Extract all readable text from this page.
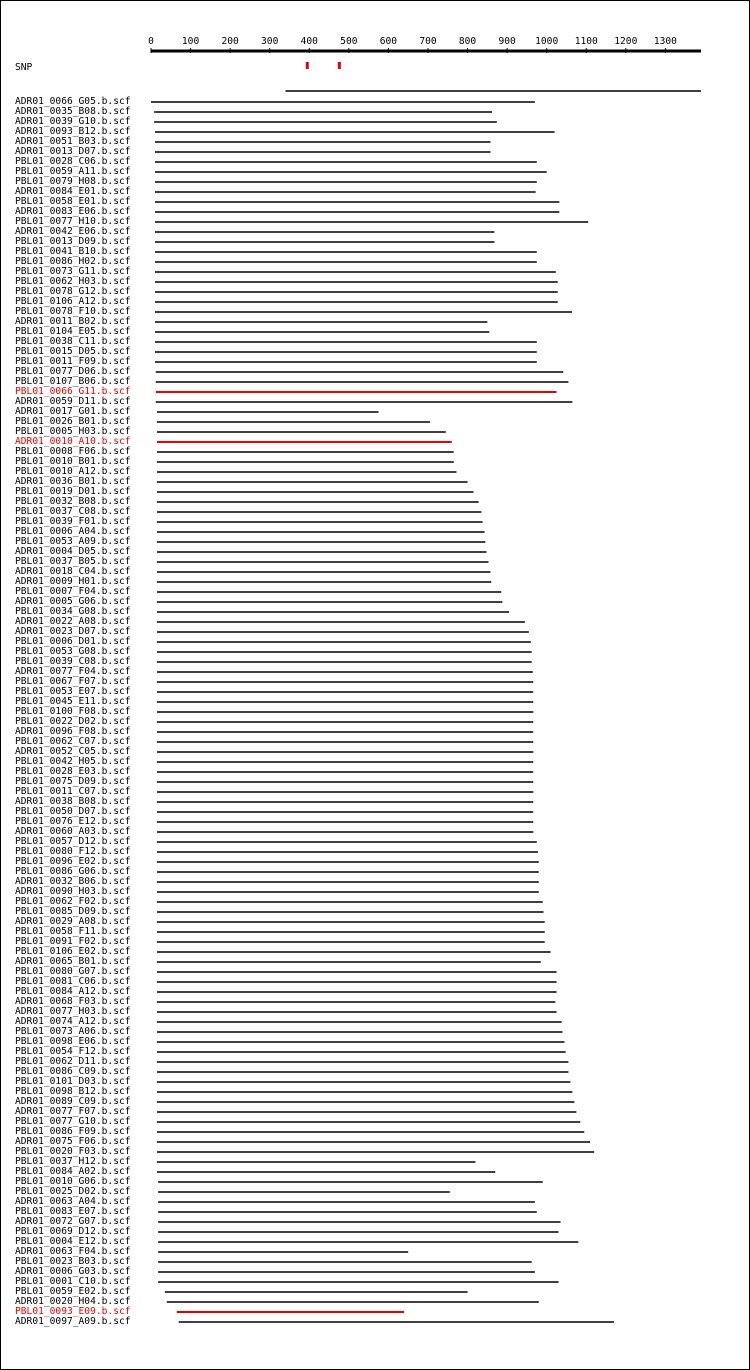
0	100 200 300 400 500 600 700 800 900 1000 1100 1200 1300
SNP
ADR01_0066_G05.b.scf
ADR01_0035_B08.b.scf
ADR01_0039_G10.b.scf
ADR01_0093_B12.b.scf
ADR01_0051_B03.b.scf
ADR01_0013_D07.b.scf
PBL01_0028_C06.b.scf
PBL01_0059_A11.b.scf
PBL01_0079_H08.b.scf
ADR01_0084_E01.b.scf
PBL01_0058_E01.b.scf
ADR01_0083_E06.b.scf
PBL01_0077_H10.b.scf
ADR01_0042_E06.b.scf
PBL01_0013_D09.b.scf
PBL01_0041_B10.b.scf
PBL01_0086_H02.b.scf
PBL01_0073_G11.b.scf
PBL01_0062_H03.b.scf
PBL01_0078_G12.b.scf
PBL01_0106_A12.b.scf
PBL01_0078_F10.b.scf
ADR01_0011_B02.b.scf
PBL01_0104_E05.b.scf
PBL01_0038_C11.b.scf
PBL01_0015_D05.b.scf
PBL01_0011_F09.b.scf
PBL01_0077_D06.b.scf
PBL01_0107_B06.b.scf
PBL01_0066_G11.b.scf
ADR01_0059_D11.b.scf
ADR01_0017_G01.b.scf
PBL01_0026_B01.b.scf
PBL01_0005_H03.b.scf
ADR01_0010_A10.b.scf
PBL01_0008_F06.b.scf
PBL01_0010_B01.b.scf
PBL01_0010_A12.b.scf
ADR01_0036_B01.b.scf
PBL01_0019_D01.b.scf
PBL01_0032_B08.b.scf
PBL01_0037_C08.b.scf
PBL01_0039_F01.b.scf
PBL01_0006_A04.b.scf
PBL01_0053_A09.b.scf
ADR01_0004_D05.b.scf
PBL01_0037_B05.b.scf
ADR01_0018_C04.b.scf
ADR01_0009_H01.b.scf
PBL01_0007_F04.b.scf
ADR01_0005_G06.b.scf
PBL01_0034_G08.b.scf
ADR01_0022_A08.b.scf
ADR01_0023_D07.b.scf
PBL01_0006_D01.b.scf
PBL01_0053_G08.b.scf
PBL01_0039_C08.b.scf
ADR01_0077_F04.b.scf
PBL01_0067_F07.b.scf
PBL01_0053_E07.b.scf
PBL01_0045_E11.b.scf
PBL01_0100_F08.b.scf
PBL01_0022_D02.b.scf
ADR01_0096_F08.b.scf
PBL01_0062_C07.b.scf
ADR01_0052_C05.b.scf
PBL01_0042_H05.b.scf
PBL01_0028_E03.b.scf
PBL01_0075_D09.b.scf
PBL01_0011_C07.b.scf
ADR01_0038_B08.b.scf
PBL01_0050_D07.b.scf
PBL01_0076_E12.b.scf
ADR01_0060_A03.b.scf
PBL01_0057_D12.b.scf
PBL01_0080_F12.b.scf
PBL01_0096_E02.b.scf
PBL01_0086_G06.b.scf
ADR01_0032_B06.b.scf
ADR01_0090_H03.b.scf
PBL01_0062_F02.b.scf
PBL01_0085_D09.b.scf
ADR01_0029_A08.b.scf
PBL01_0058_F11.b.scf
PBL01_0091_F02.b.scf
PBL01_0106_E02.b.scf
ADR01_0065_B01.b.scf
PBL01_0080_G07.b.scf
PBL01_0081_C06.b.scf
PBL01_0084_A12.b.scf
ADR01_0068_F03.b.scf
ADR01_0077_H03.b.scf
ADR01_0074_A12.b.scf
PBL01_0073_A06.b.scf
PBL01_0098_E06.b.scf
PBL01_0054_F12.b.scf
PBL01_0062_D11.b.scf
PBL01_0086_C09.b.scf
PBL01_0101_D03.b.scf
PBL01_0098_B12.b.scf
ADR01_0089_C09.b.scf
ADR01_0077_F07.b.scf
PBL01_0077_G10.b.scf
PBL01_0086_F09.b.scf
ADR01_0075_F06.b.scf
PBL01_0020_F03.b.scf
PBL01_0037_H12.b.scf
PBL01_0084_A02.b.scf
PBL01_0010_G06.b.scf
PBL01_0025_D02.b.scf
ADR01_0063_A04.b.scf
PBL01_0083_E07.b.scf
ADR01_0072_G07.b.scf
PBL01_0069_D12.b.scf
PBL01_0004_E12.b.scf
ADR01_0063_F04.b.scf
PBL01_0023_B03.b.scf
ADR01_0006_G03.b.scf
PBL01_0001_C10.b.scf
PBL01_0059_E02.b.scf
ADR01_0020_H04.b.scf
PBL01_0093_E09.b.scf
ADR01_0097_A09.b.scf
